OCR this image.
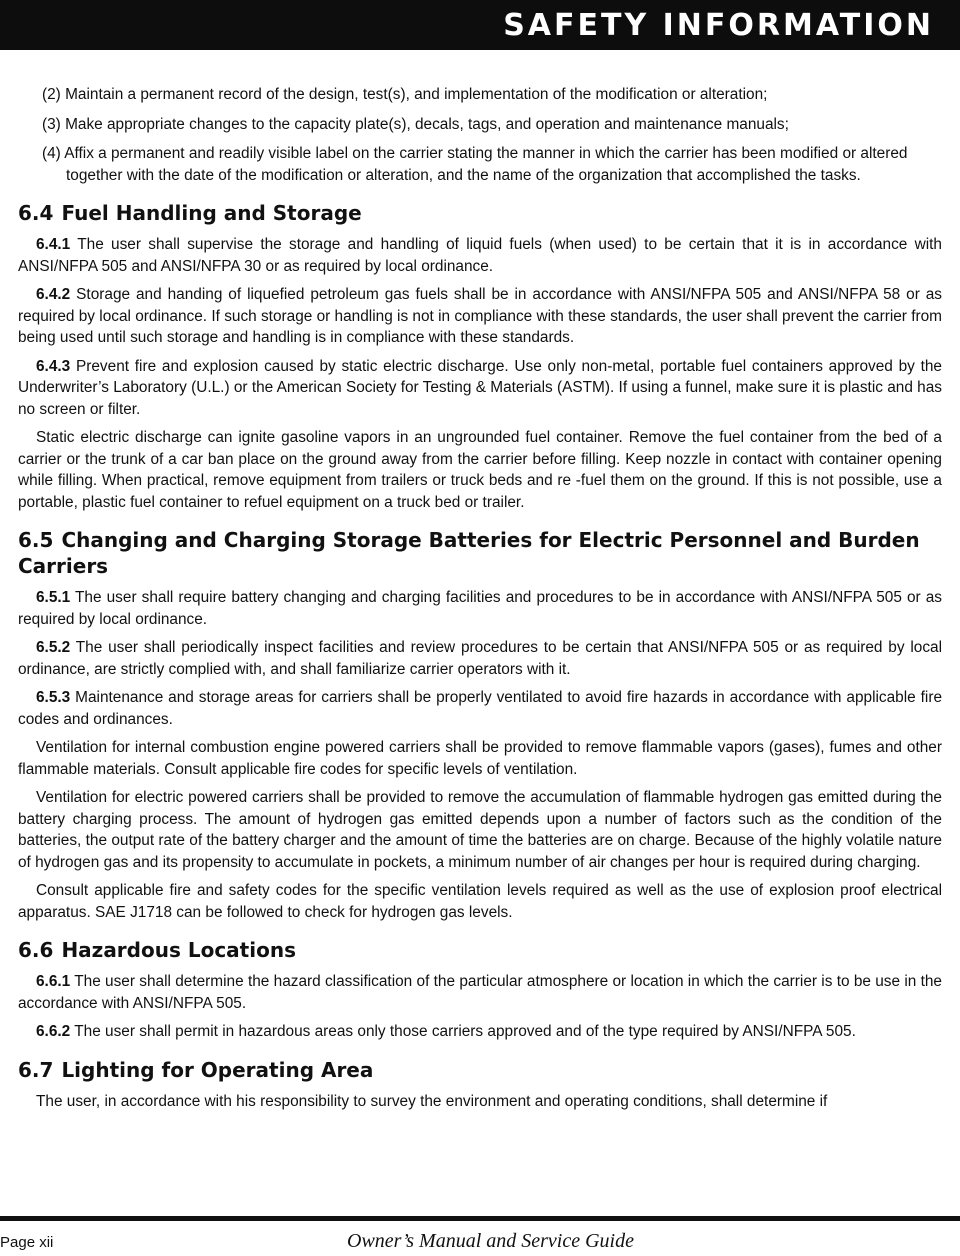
SAFETY INFORMATION

(2) Maintain a permanent record of the design, test(s), and implementation of the modification or alteration;

(3) Make appropriate changes to the capacity plate(s), decals, tags, and operation and maintenance manuals;

(4) Affix a permanent and readily visible label on the carrier stating the manner in which the carrier has been modified or altered together with the date of the modification or alteration, and the name of the organization that accomplished the tasks.

6.4 Fuel Handling and Storage

6.4.1 The user shall supervise the storage and handling of liquid fuels (when used) to be certain that it is in accordance with ANSI/NFPA 505 and ANSI/NFPA 30 or as required by local ordinance.

6.4.2 Storage and handing of liquefied petroleum gas fuels shall be in accordance with ANSI/NFPA 505 and ANSI/NFPA 58 or as required by local ordinance. If such storage or handling is not in compliance with these standards, the user shall prevent the carrier from being used until such storage and handling is in compliance with these standards.

6.4.3 Prevent fire and explosion caused by static electric discharge. Use only non-metal, portable fuel containers approved by the Underwriter’s Laboratory (U.L.) or the American Society for Testing & Materials (ASTM). If using a funnel, make sure it is plastic and has no screen or filter.

Static electric discharge can ignite gasoline vapors in an ungrounded fuel container. Remove the fuel container from the bed of a carrier or the trunk of a car ban place on the ground away from the carrier before filling. Keep nozzle in contact with container opening while filling. When practical, remove equipment from trailers or truck beds and re -fuel them on the ground. If this is not possible, use a portable, plastic fuel container to refuel equipment on a truck bed or trailer.

6.5 Changing and Charging Storage Batteries for Electric Personnel and Burden Carriers

6.5.1 The user shall require battery changing and charging facilities and procedures to be in accordance with ANSI/NFPA 505 or as required by local ordinance.

6.5.2 The user shall periodically inspect facilities and review procedures to be certain that ANSI/NFPA 505 or as required by local ordinance, are strictly complied with, and shall familiarize carrier operators with it.

6.5.3 Maintenance and storage areas for carriers shall be properly ventilated to avoid fire hazards in accordance with applicable fire codes and ordinances.

Ventilation for internal combustion engine powered carriers shall be provided to remove flammable vapors (gases), fumes and other flammable materials. Consult applicable fire codes for specific levels of ventilation.

Ventilation for electric powered carriers shall be provided to remove the accumulation of flammable hydrogen gas emitted during the battery charging process. The amount of hydrogen gas emitted depends upon a number of factors such as the condition of the batteries, the output rate of the battery charger and the amount of time the batteries are on charge. Because of the highly volatile nature of hydrogen gas and its propensity to accumulate in pockets, a minimum number of air changes per hour is required during charging.

Consult applicable fire and safety codes for the specific ventilation levels required as well as the use of explosion proof electrical apparatus. SAE J1718 can be followed to check for hydrogen gas levels.

6.6 Hazardous Locations

6.6.1 The user shall determine the hazard classification of the particular atmosphere or location in which the carrier is to be use in the accordance with ANSI/NFPA 505.

6.6.2 The user shall permit in hazardous areas only those carriers approved and of the type required by ANSI/NFPA 505.

6.7 Lighting for Operating Area

The user, in accordance with his responsibility to survey the environment and operating conditions, shall determine if

Page xii	Owner’s Manual and Service Guide
